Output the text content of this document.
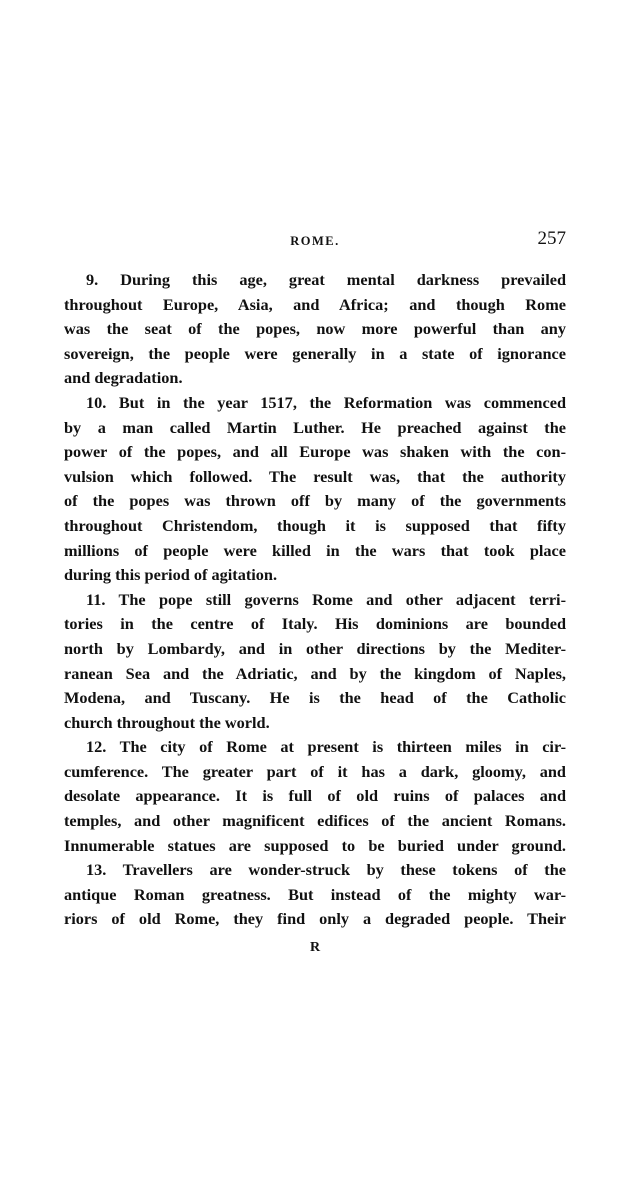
ROME.	257
9. During this age, great mental darkness prevailed
throughout Europe, Asia, and Africa; and though Rome
was the seat of the popes, now more powerful than any
sovereign, the people were generally in a state of ignorance
and degradation.
10. But in the year 1517, the Reformation was commenced
by a man called Martin Luther. He preached against the
power of the popes, and all Europe was shaken with the con-
vulsion which followed. The result was, that the authority
of the popes was thrown off by many of the governments
throughout Christendom, though it is supposed that fifty
millions of people were killed in the wars that took place
during this period of agitation.
11. The pope still governs Rome and other adjacent terri-
tories in the centre of Italy. His dominions are bounded
north by Lombardy, and in other directions by the Mediter-
ranean Sea and the Adriatic, and by the kingdom of Naples,
Modena, and Tuscany. He is the head of the Catholic
church throughout the world.
12. The city of Rome at present is thirteen miles in cir-
cumference. The greater part of it has a dark, gloomy, and
desolate appearance. It is full of old ruins of palaces and
temples, and other magnificent edifices of the ancient Romans.
Innumerable statues are supposed to be buried under ground.
13. Travellers are wonder-struck by these tokens of the
antique Roman greatness. But instead of the mighty war-
riors of old Rome, they find only a degraded people. Their
R
